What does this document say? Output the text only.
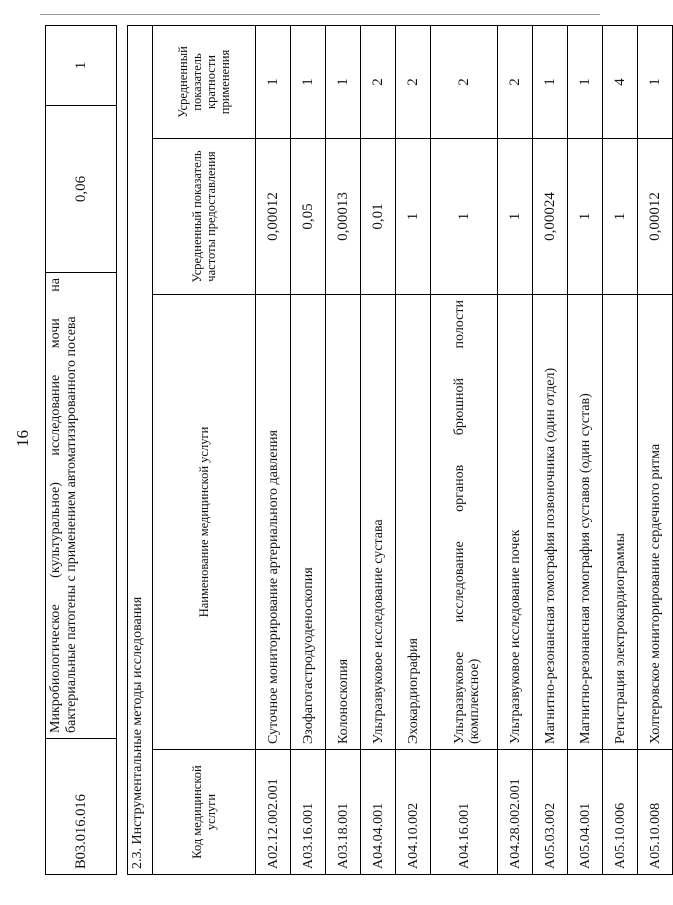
16
B03.016.016	Микробиологическое (культуральное) исследование мочи на бактериальные патогены с применением автоматизированного посева	0,06	1
2.3. Инструментальные методы исследования			
Код медицинской услуги	Наименование медицинской услуги	Усредненный показатель частоты предоставления	Усредненный показатель кратности применения
A02.12.002.001	Суточное мониторирование артериального давления	0,00012	1
A03.16.001	Эзофагогастродуоденоскопия	0,05	1
A03.18.001	Колоноскопия	0,00013	1
A04.04.001	Ультразвуковое исследование сустава	0,01	2
A04.10.002	Эхокардиография	1	2
A04.16.001	Ультразвуковое исследование органов брюшной полости (комплексное)	1	2
A04.28.002.001	Ультразвуковое исследование почек	1	2
A05.03.002	Магнитно-резонансная томография позвоночника (один отдел)	0,00024	1
A05.04.001	Магнитно-резонансная томография суставов (один сустав)	1	1
A05.10.006	Регистрация электрокардиограммы	1	4
A05.10.008	Холтеровское мониторирование сердечного ритма	0,00012	1
